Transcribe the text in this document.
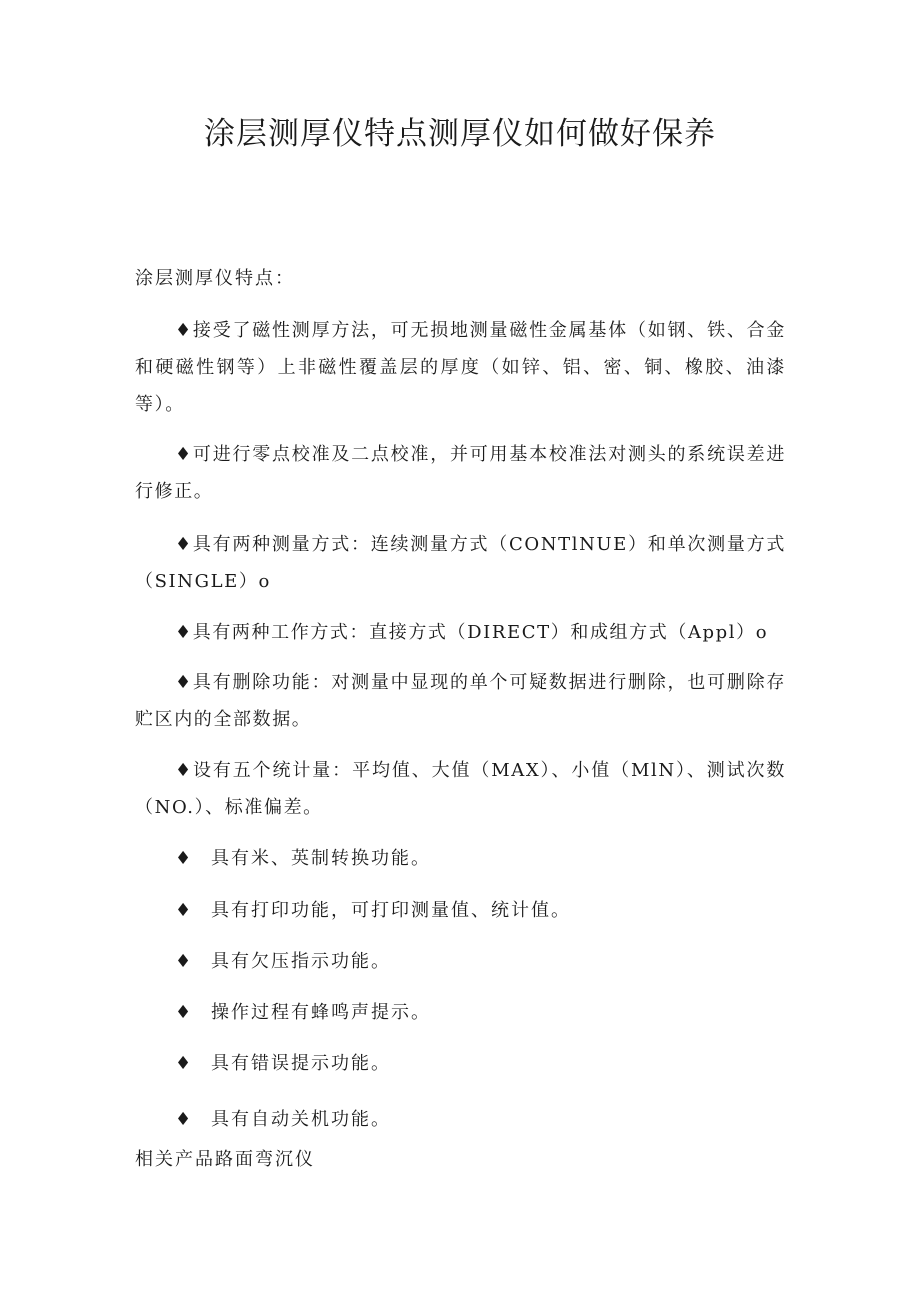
涂层测厚仪特点测厚仪如何做好保养
涂层测厚仪特点：

♦接受了磁性测厚方法，可无损地测量磁性金属基体（如钢、铁、合金和硬磁性钢等）上非磁性覆盖层的厚度（如锌、铝、密、铜、橡胶、油漆等）。

♦可进行零点校准及二点校准，并可用基本校准法对测头的系统误差进行修正。

♦具有两种测量方式：连续测量方式（CONTlNUE）和单次测量方式（SINGLE）o

♦具有两种工作方式：直接方式（DIRECT）和成组方式（Appl）o

♦具有删除功能：对测量中显现的单个可疑数据进行删除，也可删除存贮区内的全部数据。

♦设有五个统计量：平均值、大值（MAX）、小值（MlN）、测试次数（NO.）、标准偏差。

♦ 具有米、英制转换功能。
♦ 具有打印功能，可打印测量值、统计值。
♦ 具有欠压指示功能。
♦ 操作过程有蜂鸣声提示。
♦ 具有错误提示功能。
♦ 具有自动关机功能。
相关产品路面弯沉仪
